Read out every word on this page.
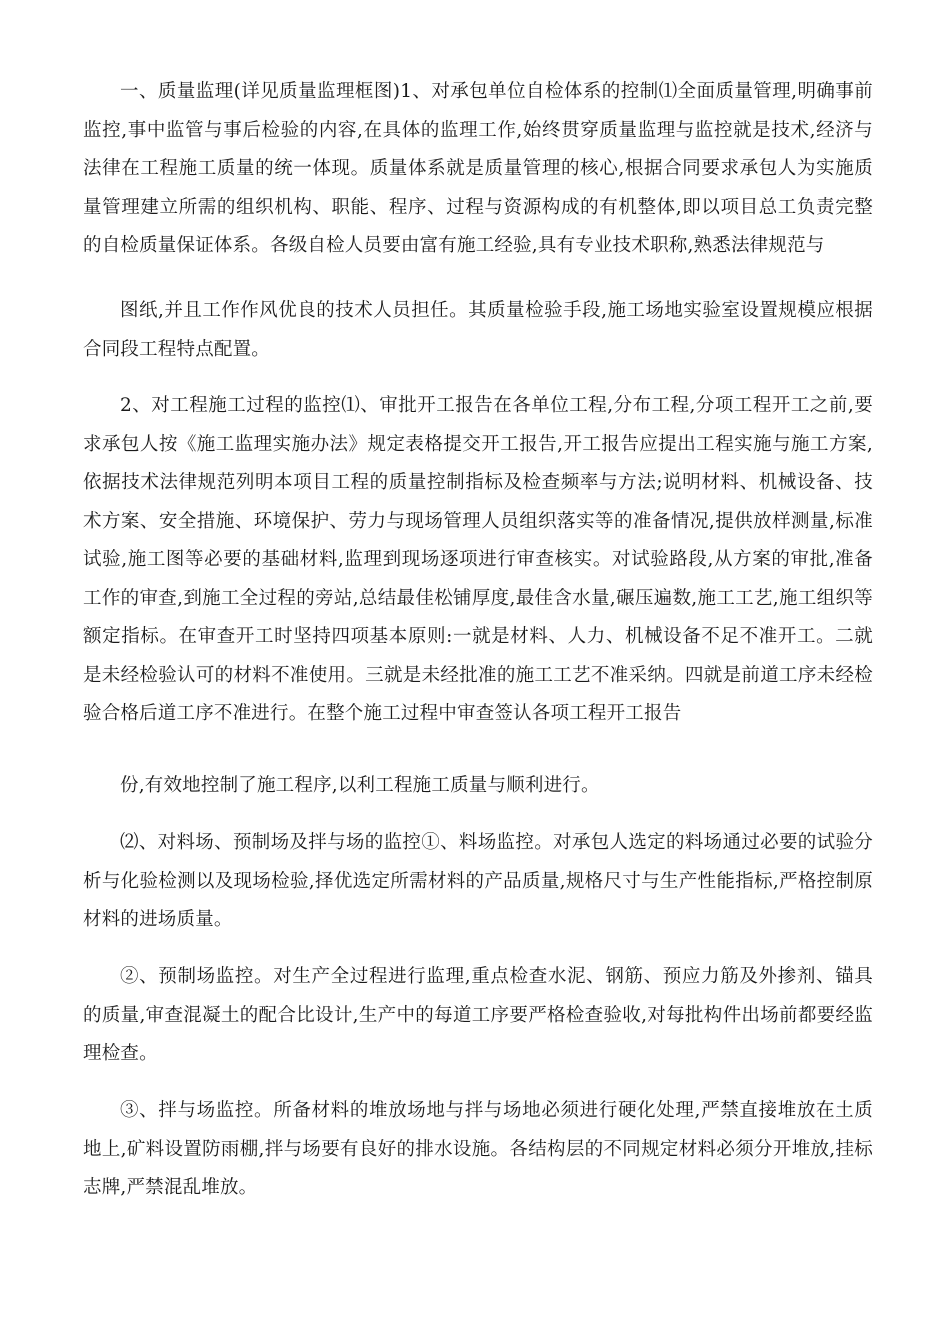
一、质量监理(详见质量监理框图)1、对承包单位自检体系的控制⑴全面质量管理,明确事前监控,事中监管与事后检验的内容,在具体的监理工作,始终贯穿质量监理与监控就是技术,经济与法律在工程施工质量的统一体现。质量体系就是质量管理的核心,根据合同要求承包人为实施质量管理建立所需的组织机构、职能、程序、过程与资源构成的有机整体,即以项目总工负责完整的自检质量保证体系。各级自检人员要由富有施工经验,具有专业技术职称,熟悉法律规范与

图纸,并且工作作风优良的技术人员担任。其质量检验手段,施工场地实验室设置规模应根据合同段工程特点配置。

2、对工程施工过程的监控⑴、审批开工报告在各单位工程,分布工程,分项工程开工之前,要求承包人按《施工监理实施办法》规定表格提交开工报告,开工报告应提出工程实施与施工方案,依据技术法律规范列明本项目工程的质量控制指标及检查频率与方法;说明材料、机械设备、技术方案、安全措施、环境保护、劳力与现场管理人员组织落实等的准备情况,提供放样测量,标准试验,施工图等必要的基础材料,监理到现场逐项进行审查核实。对试验路段,从方案的审批,准备工作的审查,到施工全过程的旁站,总结最佳松铺厚度,最佳含水量,碾压遍数,施工工艺,施工组织等额定指标。在审查开工时坚持四项基本原则:一就是材料、人力、机械设备不足不准开工。二就是未经检验认可的材料不准使用。三就是未经批准的施工工艺不准采纳。四就是前道工序未经检验合格后道工序不准进行。在整个施工过程中审查签认各项工程开工报告

份,有效地控制了施工程序,以利工程施工质量与顺利进行。

⑵、对料场、预制场及拌与场的监控①、料场监控。对承包人选定的料场通过必要的试验分析与化验检测以及现场检验,择优选定所需材料的产品质量,规格尺寸与生产性能指标,严格控制原材料的进场质量。

②、预制场监控。对生产全过程进行监理,重点检查水泥、钢筋、预应力筋及外掺剂、锚具的质量,审查混凝土的配合比设计,生产中的每道工序要严格检查验收,对每批构件出场前都要经监理检查。

③、拌与场监控。所备材料的堆放场地与拌与场地必须进行硬化处理,严禁直接堆放在土质地上,矿料设置防雨棚,拌与场要有良好的排水设施。各结构层的不同规定材料必须分开堆放,挂标志牌,严禁混乱堆放。
